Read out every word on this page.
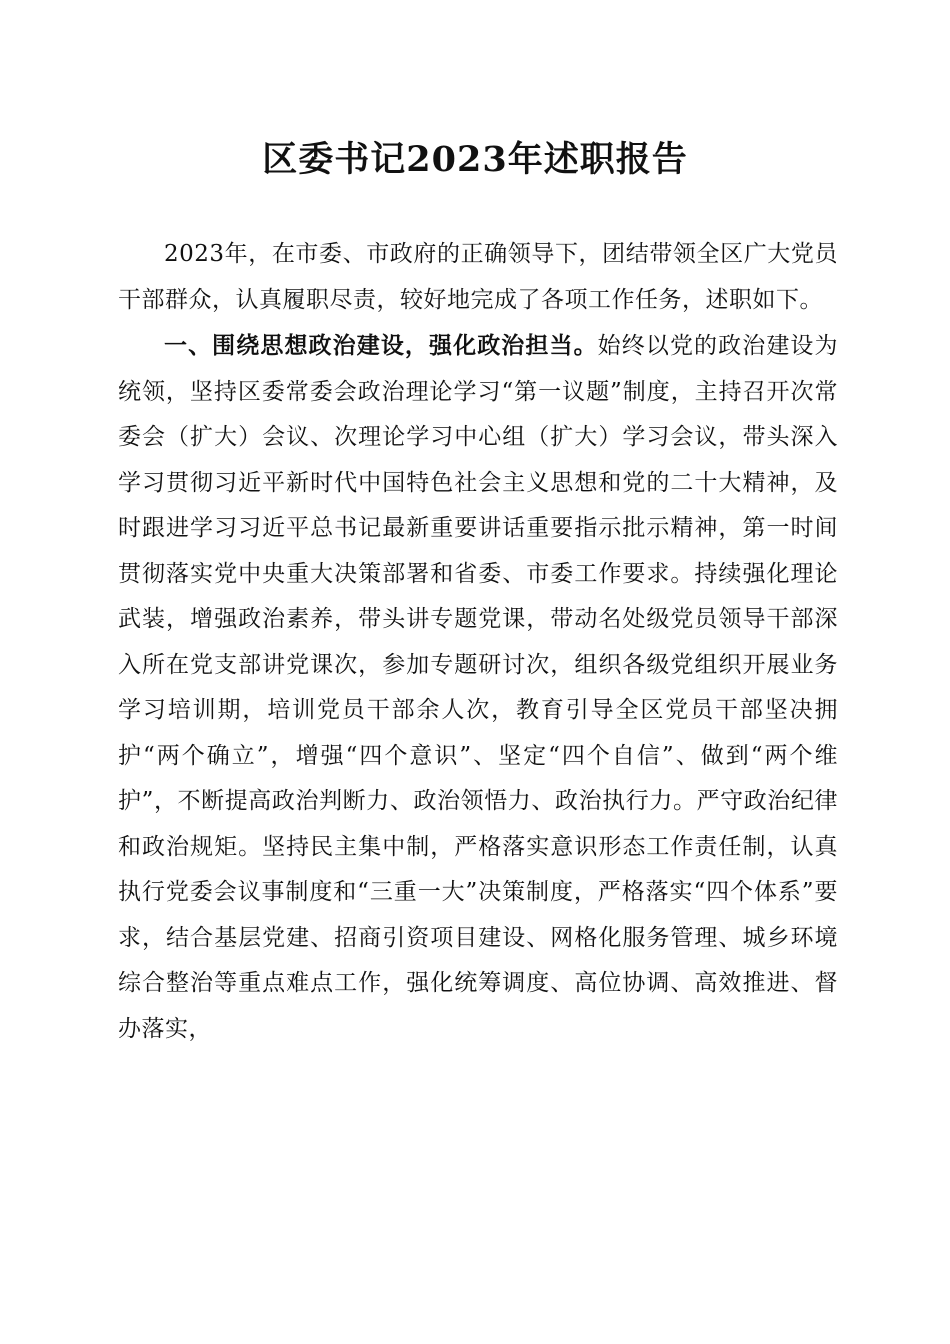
区委书记2023年述职报告

2023年，在市委、市政府的正确领导下，团结带领全区广大党员干部群众，认真履职尽责，较好地完成了各项工作任务，述职如下。

一、围绕思想政治建设，强化政治担当。始终以党的政治建设为统领，坚持区委常委会政治理论学习“第一议题”制度，主持召开次常委会（扩大）会议、次理论学习中心组（扩大）学习会议，带头深入学习贯彻习近平新时代中国特色社会主义思想和党的二十大精神，及时跟进学习习近平总书记最新重要讲话重要指示批示精神，第一时间贯彻落实党中央重大决策部署和省委、市委工作要求。持续强化理论武装，增强政治素养，带头讲专题党课，带动名处级党员领导干部深入所在党支部讲党课次，参加专题研讨次，组织各级党组织开展业务学习培训期，培训党员干部余人次，教育引导全区党员干部坚决拥护“两个确立”，增强“四个意识”、坚定“四个自信”、做到“两个维护”，不断提高政治判断力、政治领悟力、政治执行力。严守政治纪律和政治规矩。坚持民主集中制，严格落实意识形态工作责任制，认真执行党委会议事制度和“三重一大”决策制度，严格落实“四个体系”要求，结合基层党建、招商引资项目建设、网格化服务管理、城乡环境综合整治等重点难点工作，强化统筹调度、高位协调、高效推进、督办落实，
